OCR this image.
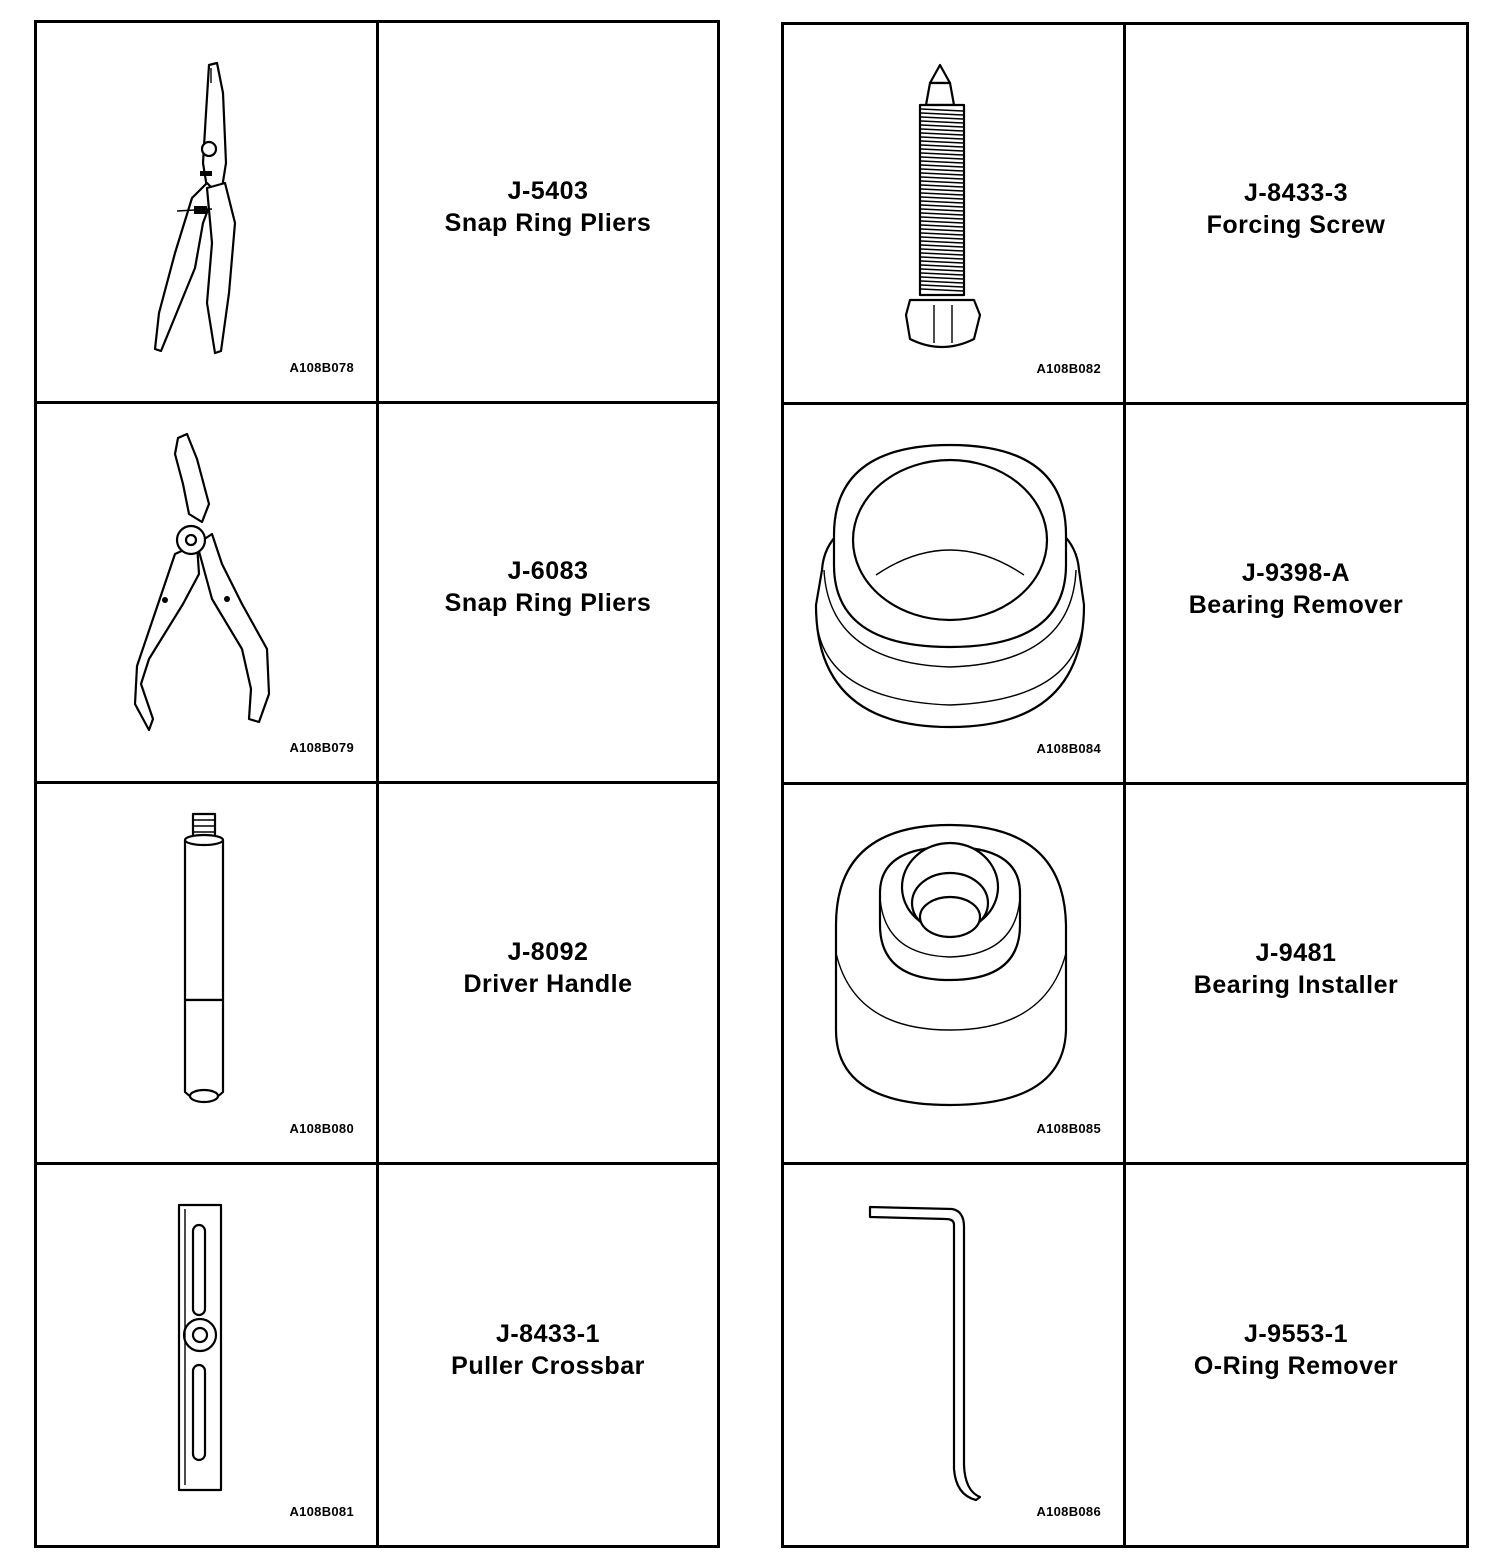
A108B078
J-5403
Snap Ring Pliers
A108B079
J-6083
Snap Ring Pliers
A108B080
J-8092
Driver Handle
A108B081
J-8433-1
Puller Crossbar
A108B082
J-8433-3
Forcing Screw
A108B084
J-9398-A
Bearing Remover
A108B085
J-9481
Bearing Installer
A108B086
J-9553-1
O-Ring Remover
